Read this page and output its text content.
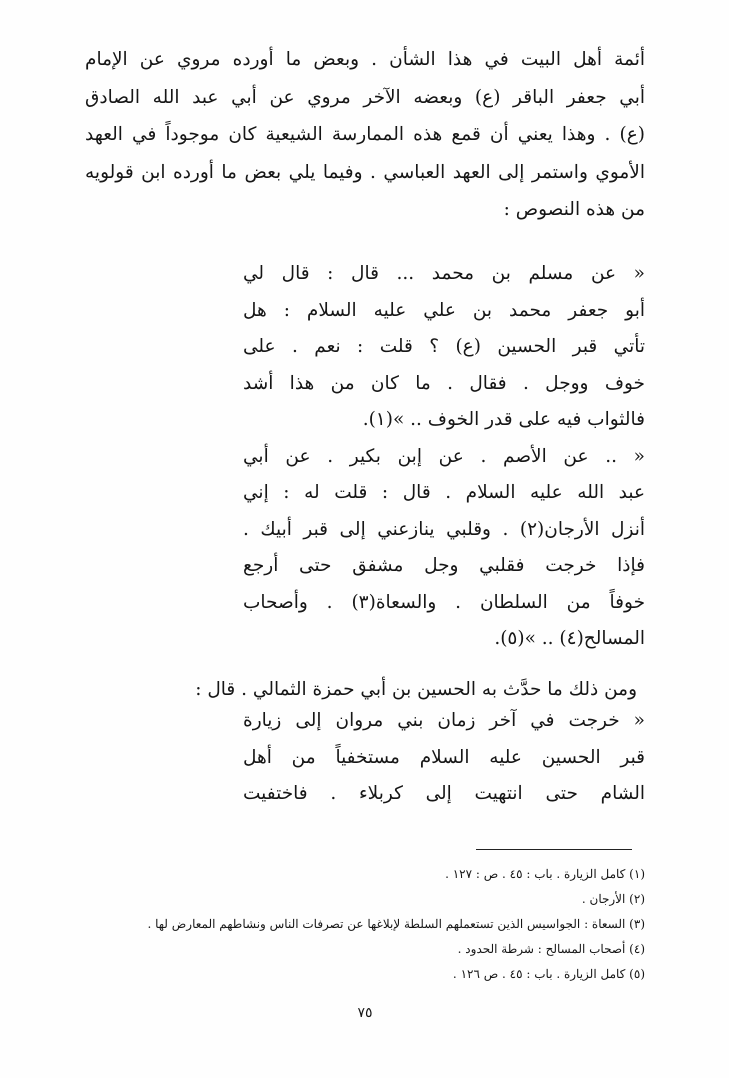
أئمة أهل البيت في هذا الشأن . وبعض ما أورده مروي عن الإمام

أبي جعفر الباقر (ع) وبعضه الآخر مروي عن أبي عبد الله الصادق

(ع) . وهذا يعني أن قمع هذه الممارسة الشيعية كان موجوداً في العهد

الأموي واستمر إلى العهد العباسي . وفيما يلي بعض ما أورده ابن قولويه

من هذه النصوص :

« عن مسلم بن محمد ... قال : قال لي

أبو جعفر محمد بن علي عليه السلام : هل

تأتي قبر الحسين (ع) ؟ قلت : نعم . على

خوف ووجل . فقال . ما كان من هذا أشد

فالثواب فيه على قدر الخوف .. »(١).

« .. عن الأصم . عن إبن بكير . عن أبي

عبد الله عليه السلام . قال : قلت له : إني

أنزل الأرجان(٢) . وقلبي ينازعني إلى قبر أبيك .

فإذا خرجت فقلبي وجل مشفق حتى أرجع

خوفاً من السلطان . والسعاة(٣) . وأصحاب

المسالح(٤) .. »(٥).

ومن ذلك ما حدَّث به الحسين بن أبي حمزة الثمالي . قال :

« خرجت في آخر زمان بني مروان إلى زيارة

قبر الحسين عليه السلام مستخفياً من أهل

الشام حتى انتهيت إلى كربلاء . فاختفيت

(١) كامل الزيارة . باب : ٤٥ . ص : ١٢٧ .

(٢) الأرجان .

(٣) السعاة : الجواسيس الذين تستعملهم السلطة لإبلاغها عن تصرفات الناس ونشاطهم المعارض لها .

(٤) أصحاب المسالح : شرطة الحدود .

(٥) كامل الزيارة . باب : ٤٥ . ص ١٢٦ .

٧٥
